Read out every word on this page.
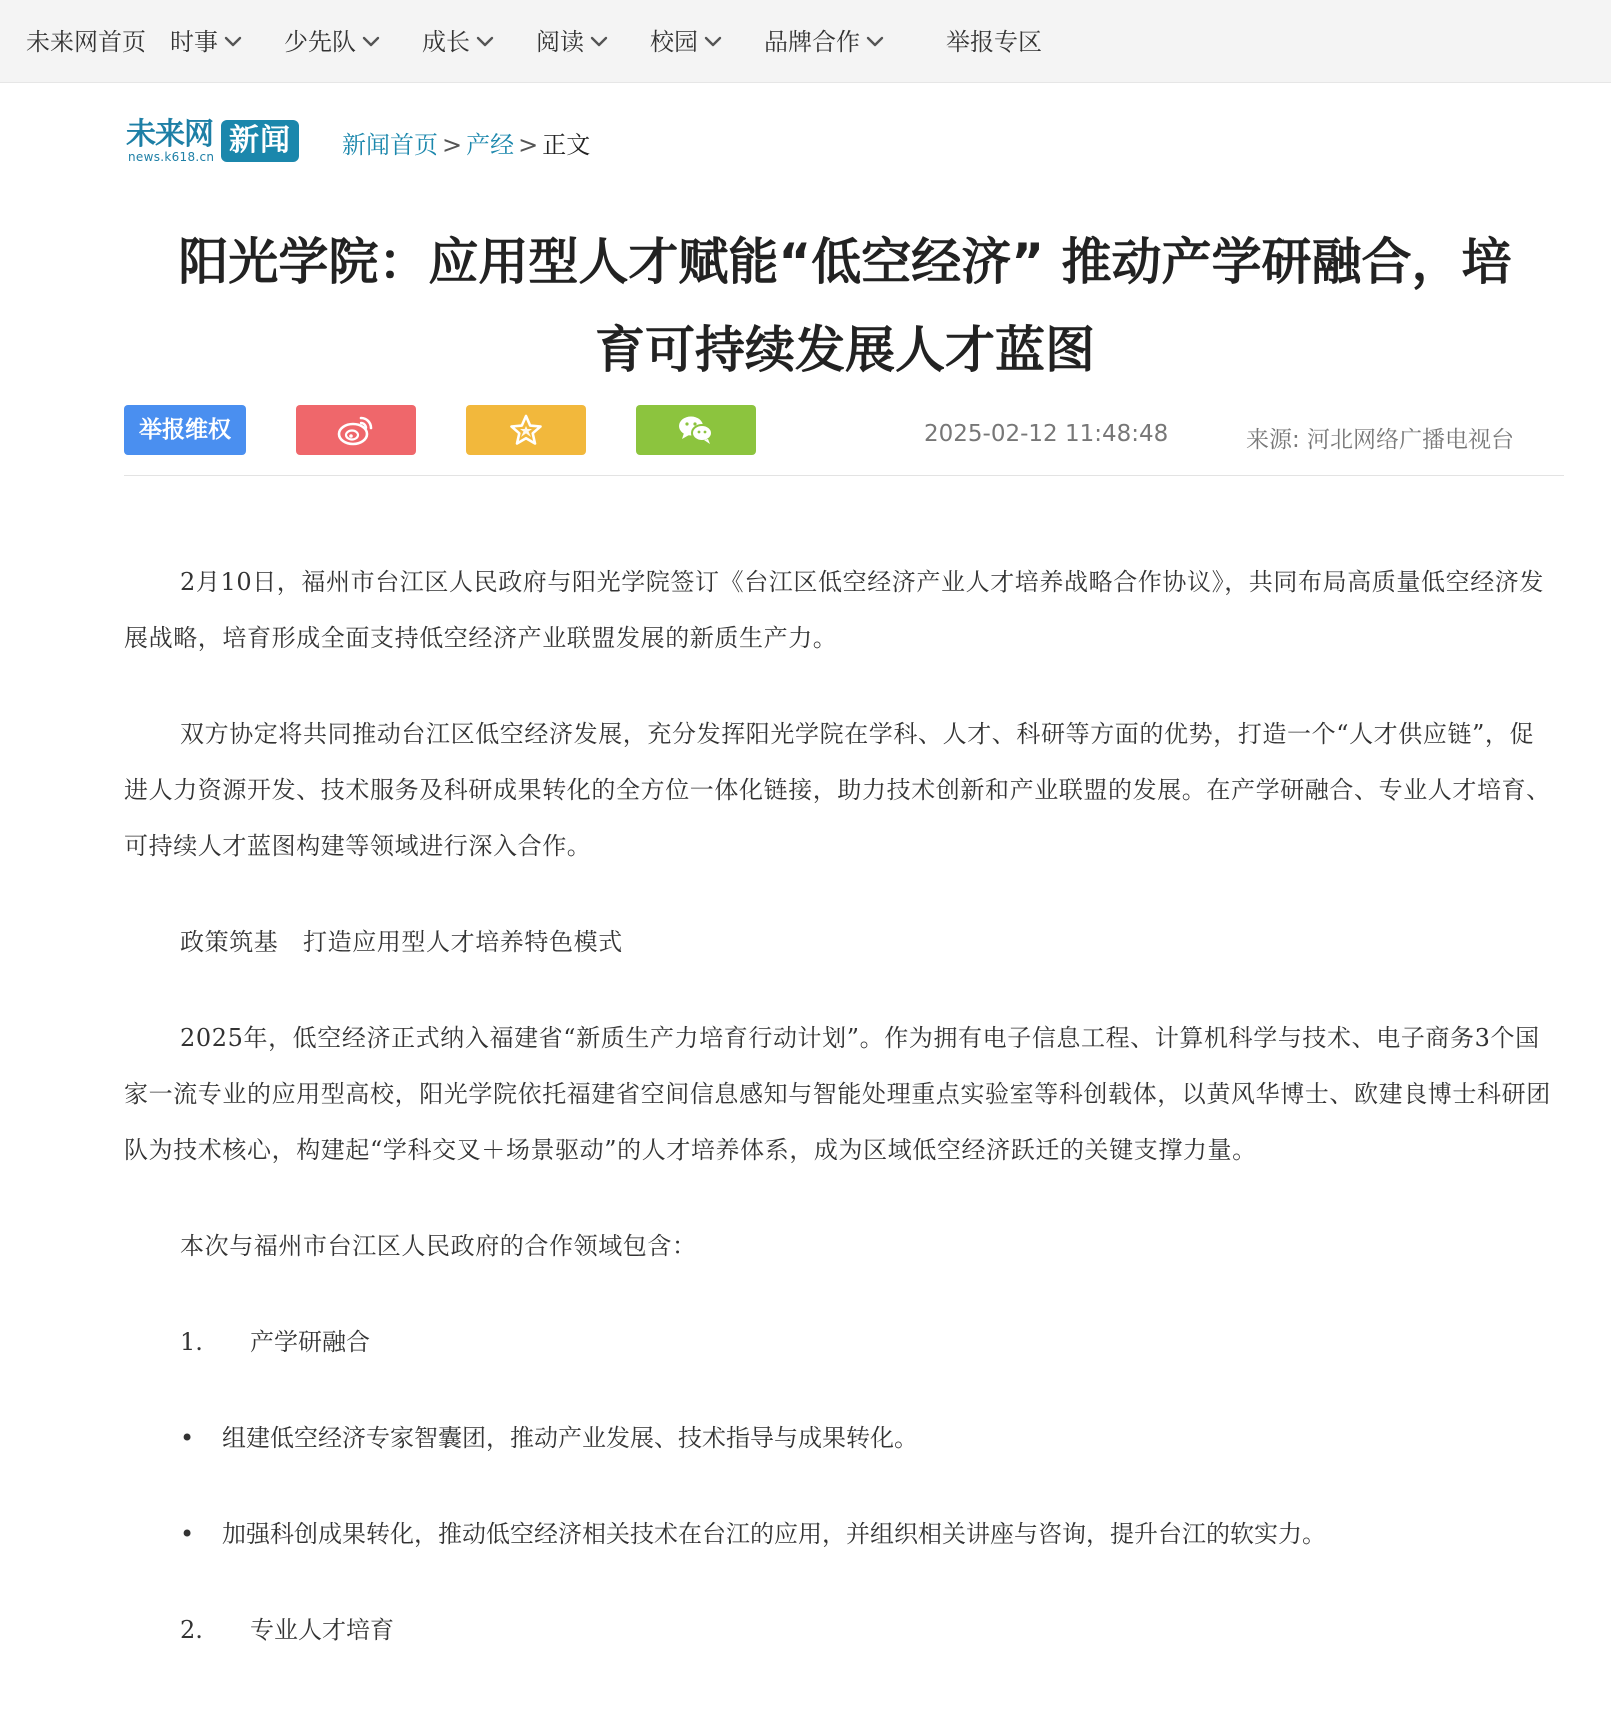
未来网首页 时事	少先队	成长	阅读	校园	品牌合作	举报专区
未来网
news.k618.cn 新闻	新闻首页 > 产经 > 正文
阳光学院：应用型人才赋能“低空经济” 推动产学研融合，培
育可持续发展人才蓝图
举报维权	2025-02-12 11:48:48	来源: 河北网络广播电视台

2月10日，福州市台江区人民政府与阳光学院签订《台江区低空经济产业人才培养战略合作协议》，共同布局高质量低空经济发展战略，培育形成全面支持低空经济产业联盟发展的新质生产力。

双方协定将共同推动台江区低空经济发展，充分发挥阳光学院在学科、人才、科研等方面的优势，打造一个“人才供应链”，促进人力资源开发、技术服务及科研成果转化的全方位一体化链接，助力技术创新和产业联盟的发展。在产学研融合、专业人才培育、可持续人才蓝图构建等领域进行深入合作。

政策筑基　打造应用型人才培养特色模式

2025年，低空经济正式纳入福建省“新质生产力培育行动计划”。作为拥有电子信息工程、计算机科学与技术、电子商务3个国家一流专业的应用型高校，阳光学院依托福建省空间信息感知与智能处理重点实验室等科创载体，以黄风华博士、欧建良博士科研团队为技术核心，构建起“学科交叉＋场景驱动”的人才培养体系，成为区域低空经济跃迁的关键支撑力量。

本次与福州市台江区人民政府的合作领域包含：

1. 产学研融合
• 组建低空经济专家智囊团，推动产业发展、技术指导与成果转化。
• 加强科创成果转化，推动低空经济相关技术在台江的应用，并组织相关讲座与咨询，提升台江的软实力。
2. 专业人才培育
